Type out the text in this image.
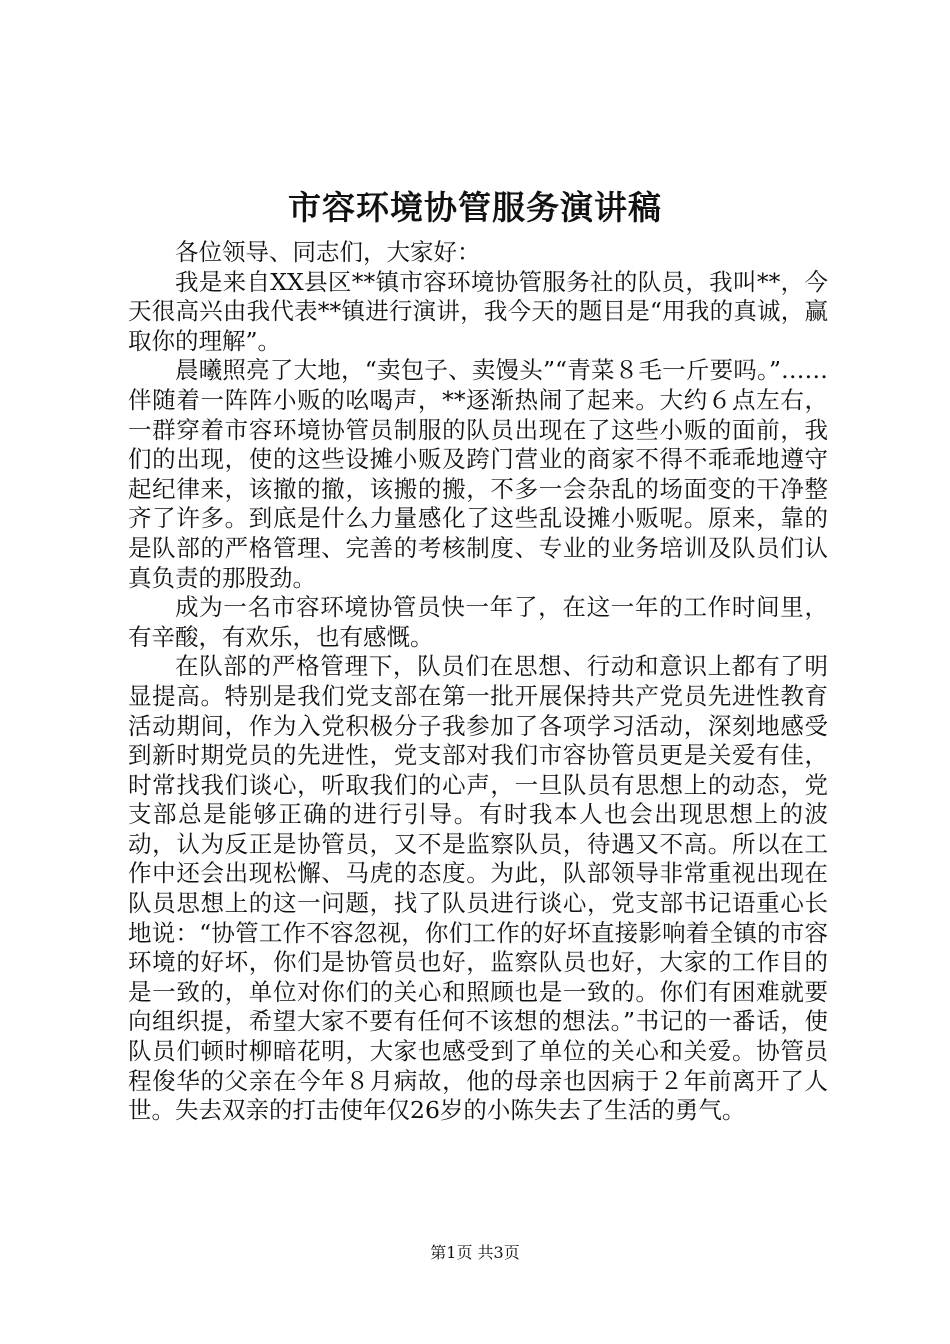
市容环境协管服务演讲稿

各位领导、同志们，大家好：

我是来自XX县区**镇市容环境协管服务社的队员，我叫**，今天很高兴由我代表**镇进行演讲，我今天的题目是“用我的真诚，赢取你的理解”。

晨曦照亮了大地，“卖包子、卖馒头”“青菜８毛一斤要吗。”……伴随着一阵阵小贩的吆喝声，**逐渐热闹了起来。大约６点左右，一群穿着市容环境协管员制服的队员出现在了这些小贩的面前，我们的出现，使的这些设摊小贩及跨门营业的商家不得不乖乖地遵守起纪律来，该撤的撤，该搬的搬，不多一会杂乱的场面变的干净整齐了许多。到底是什么力量感化了这些乱设摊小贩呢。原来，靠的是队部的严格管理、完善的考核制度、专业的业务培训及队员们认真负责的那股劲。

成为一名市容环境协管员快一年了，在这一年的工作时间里，有辛酸，有欢乐，也有感慨。

在队部的严格管理下，队员们在思想、行动和意识上都有了明显提高。特别是我们党支部在第一批开展保持共产党员先进性教育活动期间，作为入党积极分子我参加了各项学习活动，深刻地感受到新时期党员的先进性，党支部对我们市容协管员更是关爱有佳，时常找我们谈心，听取我们的心声，一旦队员有思想上的动态，党支部总是能够正确的进行引导。有时我本人也会出现思想上的波动，认为反正是协管员，又不是监察队员，待遇又不高。所以在工作中还会出现松懈、马虎的态度。为此，队部领导非常重视出现在队员思想上的这一问题，找了队员进行谈心，党支部书记语重心长地说：“协管工作不容忽视，你们工作的好坏直接影响着全镇的市容环境的好坏，你们是协管员也好，监察队员也好，大家的工作目的是一致的，单位对你们的关心和照顾也是一致的。你们有困难就要向组织提，希望大家不要有任何不该想的想法。”书记的一番话，使队员们顿时柳暗花明，大家也感受到了单位的关心和关爱。协管员程俊华的父亲在今年８月病故，他的母亲也因病于２年前离开了人世。失去双亲的打击使年仅26岁的小陈失去了生活的勇气。

第1页 共3页
